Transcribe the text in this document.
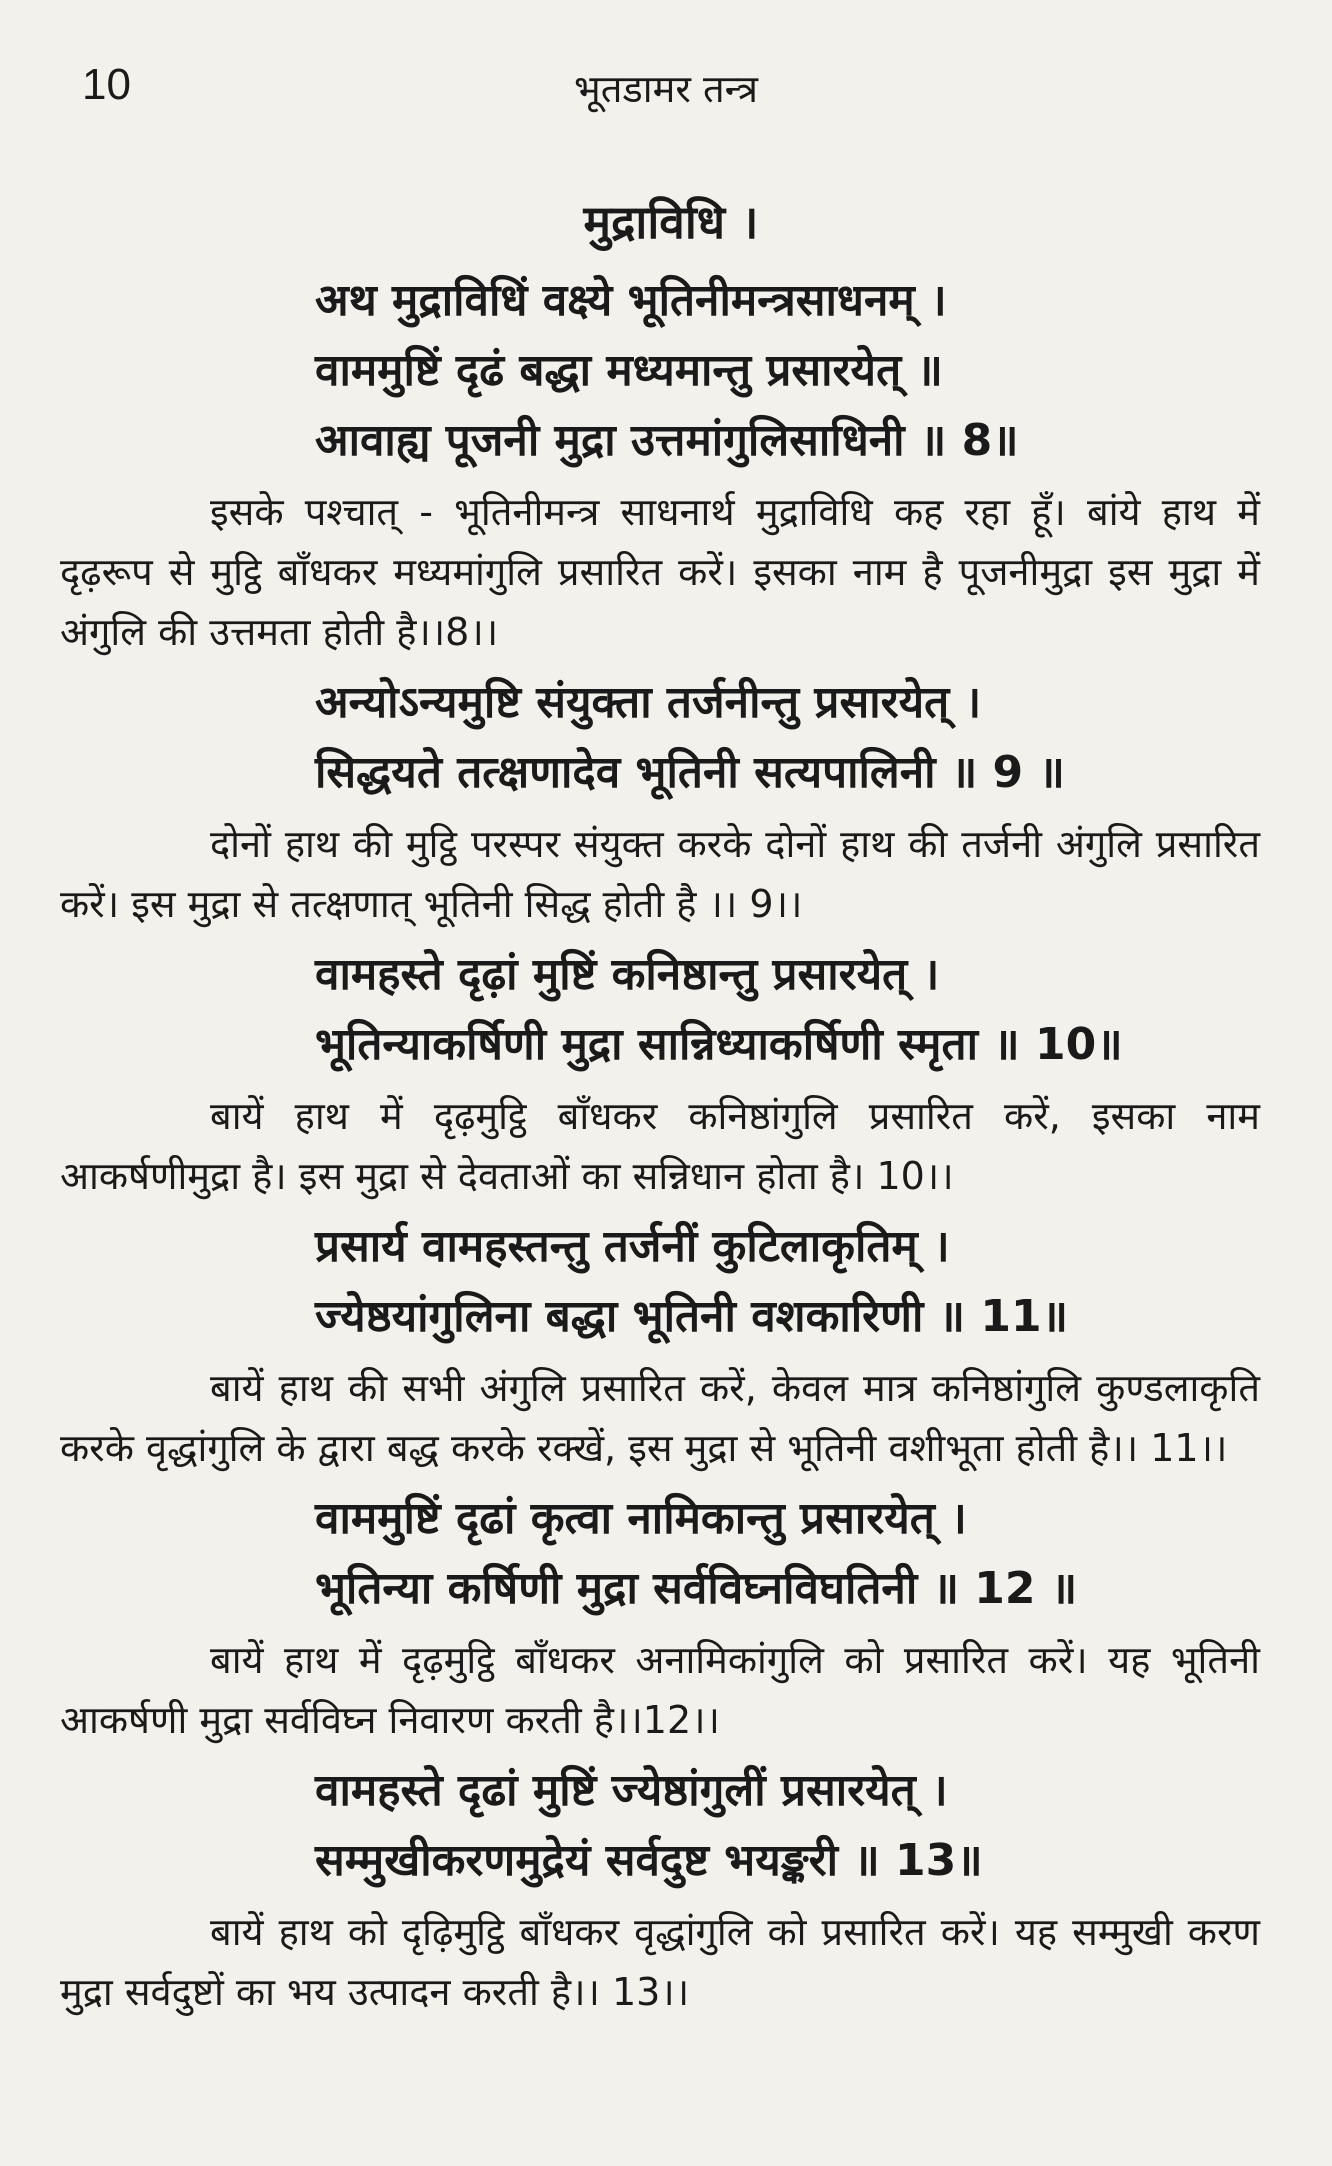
10	भूतडामर तन्त्र
मुद्राविधि ।
अथ मुद्राविधिं वक्ष्ये भूतिनीमन्त्रसाधनम् ।
वाममुष्टिं दृढं बद्धा मध्यमान्तु प्रसारयेत् ॥
आवाह्य पूजनी मुद्रा उत्तमांगुलिसाधिनी ॥ 8॥
इसके पश्चात् - भूतिनीमन्त्र साधनार्थ मुद्राविधि कह रहा हूँ। बांये हाथ में दृढ़रूप से मुट्ठि बाँधकर मध्यमांगुलि प्रसारित करें। इसका नाम है पूजनीमुद्रा इस मुद्रा में अंगुलि की उत्तमता होती है।।8।।
अन्योऽन्यमुष्टि संयुक्ता तर्जनीन्तु प्रसारयेत् ।
सिद्धयते तत्क्षणादेव भूतिनी सत्यपालिनी ॥ 9 ॥
दोनों हाथ की मुट्ठि परस्पर संयुक्त करके दोनों हाथ की तर्जनी अंगुलि प्रसारित करें। इस मुद्रा से तत्क्षणात् भूतिनी सिद्ध होती है ।। 9।।
वामहस्ते दृढ़ां मुष्टिं कनिष्ठान्तु प्रसारयेत् ।
भूतिन्याकर्षिणी मुद्रा सान्निध्याकर्षिणी स्मृता ॥ 10॥
बायें हाथ में दृढ़मुट्ठि बाँधकर कनिष्ठांगुलि प्रसारित करें, इसका नाम आकर्षणीमुद्रा है। इस मुद्रा से देवताओं का सन्निधान होता है। 10।।
प्रसार्य वामहस्तन्तु तर्जनीं कुटिलाकृतिम् ।
ज्येष्ठयांगुलिना बद्धा भूतिनी वशकारिणी ॥ 11॥
बायें हाथ की सभी अंगुलि प्रसारित करें, केवल मात्र कनिष्ठांगुलि कुण्डलाकृति करके वृद्धांगुलि के द्वारा बद्ध करके रक्खें, इस मुद्रा से भूतिनी वशीभूता होती है।। 11।।
वाममुष्टिं दृढां कृत्वा नामिकान्तु प्रसारयेत् ।
भूतिन्या कर्षिणी मुद्रा सर्वविघ्नविघतिनी ॥ 12 ॥
बायें हाथ में दृढ़मुट्ठि बाँधकर अनामिकांगुलि को प्रसारित करें। यह भूतिनी आकर्षणी मुद्रा सर्वविघ्न निवारण करती है।।12।।
वामहस्ते दृढां मुष्टिं ज्येष्ठांगुलीं प्रसारयेत् ।
सम्मुखीकरणमुद्रेयं सर्वदुष्ट भयङ्करी ॥ 13॥
बायें हाथ को दृढ़िमुट्ठि बाँधकर वृद्धांगुलि को प्रसारित करें। यह सम्मुखी करण मुद्रा सर्वदुष्टों का भय उत्पादन करती है।। 13।।
